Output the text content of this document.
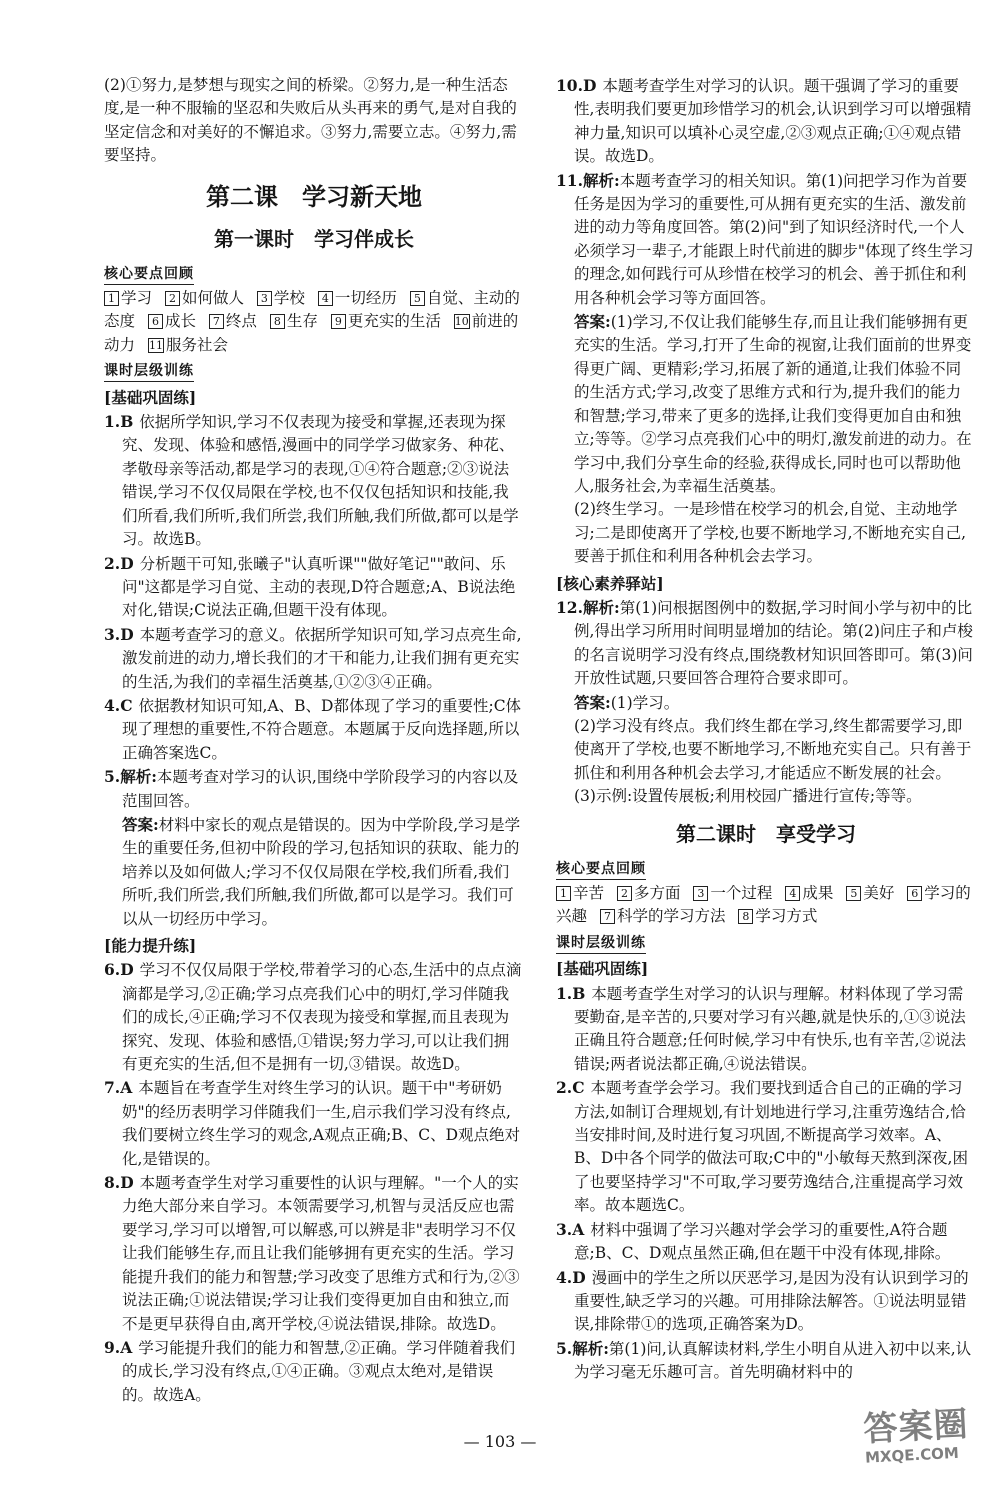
(2)①努力,是梦想与现实之间的桥梁。②努力,是一种生活态度,是一种不服输的坚忍和失败后从头再来的勇气,是对自我的坚定信念和对美好的不懈追求。③努力,需要立志。④努力,需要坚持。

第二课　学习新天地
第一课时　学习伴成长
核心要点回顾
1 学习 2 如何做人 3 学校 4 一切经历 5 自觉、主动的态度 6 成长 7 终点 8 生存 9 更充实的生活 10 前进的动力 11 服务社会
课时层级训练
[基础巩固练]

1.B 依据所学知识,学习不仅表现为接受和掌握,还表现为探究、发现、体验和感悟,漫画中的同学学习做家务、种花、孝敬母亲等活动,都是学习的表现,①④符合题意;②③说法错误,学习不仅仅局限在学校,也不仅仅包括知识和技能,我们所看,我们所听,我们所尝,我们所触,我们所做,都可以是学习。故选B。

2.D 分析题干可知,张曦子"认真听课""做好笔记""敢问、乐问"这都是学习自觉、主动的表现,D符合题意;A、B说法绝对化,错误;C说法正确,但题干没有体现。

3.D 本题考查学习的意义。依据所学知识可知,学习点亮生命,激发前进的动力,增长我们的才干和能力,让我们拥有更充实的生活,为我们的幸福生活奠基,①②③④正确。

4.C 依据教材知识可知,A、B、D都体现了学习的重要性;C体现了理想的重要性,不符合题意。本题属于反向选择题,所以正确答案选C。

5.解析:本题考查对学习的认识,围绕中学阶段学习的内容以及范围回答。

答案:材料中家长的观点是错误的。因为中学阶段,学习是学生的重要任务,但初中阶段的学习,包括知识的获取、能力的培养以及如何做人;学习不仅仅局限在学校,我们所看,我们所听,我们所尝,我们所触,我们所做,都可以是学习。我们可以从一切经历中学习。

[能力提升练]

6.D 学习不仅仅局限于学校,带着学习的心态,生活中的点点滴滴都是学习,②正确;学习点亮我们心中的明灯,学习伴随我们的成长,④正确;学习不仅表现为接受和掌握,而且表现为探究、发现、体验和感悟,①错误;努力学习,可以让我们拥有更充实的生活,但不是拥有一切,③错误。故选D。

7.A 本题旨在考查学生对终生学习的认识。题干中"考研奶奶"的经历表明学习伴随我们一生,启示我们学习没有终点,我们要树立终生学习的观念,A观点正确;B、C、D观点绝对化,是错误的。

8.D 本题考查学生对学习重要性的认识与理解。"一个人的实力绝大部分来自学习。本领需要学习,机智与灵活反应也需要学习,学习可以增智,可以解惑,可以辨是非"表明学习不仅让我们能够生存,而且让我们能够拥有更充实的生活。学习能提升我们的能力和智慧;学习改变了思维方式和行为,②③说法正确;①说法错误;学习让我们变得更加自由和独立,而不是更早获得自由,离开学校,④说法错误,排除。故选D。

9.A 学习能提升我们的能力和智慧,②正确。学习伴随着我们的成长,学习没有终点,①④正确。③观点太绝对,是错误的。故选A。

10.D 本题考查学生对学习的认识。题干强调了学习的重要性,表明我们要更加珍惜学习的机会,认识到学习可以增强精神力量,知识可以填补心灵空虚,②③观点正确;①④观点错误。故选D。

11.解析:本题考查学习的相关知识。第(1)问把学习作为首要任务是因为学习的重要性,可从拥有更充实的生活、激发前进的动力等角度回答。第(2)问"到了知识经济时代,一个人必须学习一辈子,才能跟上时代前进的脚步"体现了终生学习的理念,如何践行可从珍惜在校学习的机会、善于抓住和利用各种机会学习等方面回答。

答案:(1)学习,不仅让我们能够生存,而且让我们能够拥有更充实的生活。学习,打开了生命的视窗,让我们面前的世界变得更广阔、更精彩;学习,拓展了新的通道,让我们体验不同的生活方式;学习,改变了思维方式和行为,提升我们的能力和智慧;学习,带来了更多的选择,让我们变得更加自由和独立;等等。②学习点亮我们心中的明灯,激发前进的动力。在学习中,我们分享生命的经验,获得成长,同时也可以帮助他人,服务社会,为幸福生活奠基。

(2)终生学习。一是珍惜在校学习的机会,自觉、主动地学习;二是即使离开了学校,也要不断地学习,不断地充实自己,要善于抓住和利用各种机会去学习。

[核心素养驿站]

12.解析:第(1)问根据图例中的数据,学习时间小学与初中的比例,得出学习所用时间明显增加的结论。第(2)问庄子和卢梭的名言说明学习没有终点,围绕教材知识回答即可。第(3)问开放性试题,只要回答合理符合要求即可。

答案:(1)学习。

(2)学习没有终点。我们终生都在学习,终生都需要学习,即使离开了学校,也要不断地学习,不断地充实自己。只有善于抓住和利用各种机会去学习,才能适应不断发展的社会。

(3)示例:设置传展板;利用校园广播进行宣传;等等。

第二课时　享受学习
核心要点回顾
1 辛苦 2 多方面 3 一个过程 4 成果 5 美好 6 学习的兴趣 7 科学的学习方法 8 学习方式
课时层级训练
[基础巩固练]

1.B 本题考查学生对学习的认识与理解。材料体现了学习需要勤奋,是辛苦的,只要对学习有兴趣,就是快乐的,①③说法正确且符合题意;任何时候,学习中有快乐,也有辛苦,②说法错误;两者说法都正确,④说法错误。

2.C 本题考查学会学习。我们要找到适合自己的正确的学习方法,如制订合理规划,有计划地进行学习,注重劳逸结合,恰当安排时间,及时进行复习巩固,不断提高学习效率。A、B、D中各个同学的做法可取;C中的"小敏每天熬到深夜,困了也要坚持学习"不可取,学习要劳逸结合,注重提高学习效率。故本题选C。

3.A 材料中强调了学习兴趣对学会学习的重要性,A符合题意;B、C、D观点虽然正确,但在题干中没有体现,排除。

4.D 漫画中的学生之所以厌恶学习,是因为没有认识到学习的重要性,缺乏学习的兴趣。可用排除法解答。①说法明显错误,排除带①的选项,正确答案为D。

5.解析:第(1)问,认真解读材料,学生小明自从进入初中以来,认为学习毫无乐趣可言。首先明确材料中的

— 103 —	答案圈
MXQE.COM
